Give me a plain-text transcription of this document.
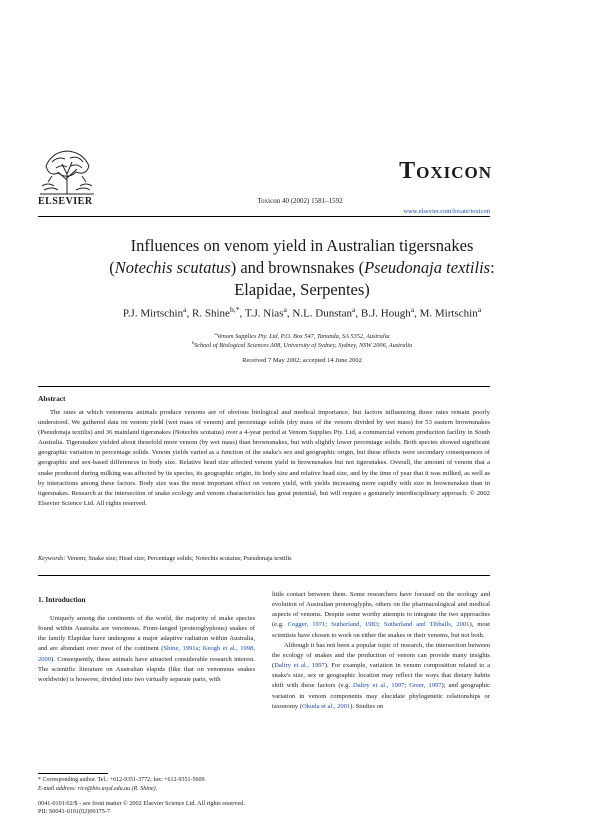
ELSEVIER	Toxicon 40 (2002) 1581–1592
Toxicon
www.elsevier.com/locate/toxicon
Influences on venom yield in Australian tigersnakes
(Notechis scutatus) and brownsnakes (Pseudonaja textilis:
Elapidae, Serpentes)
P.J. Mirtschin$^a$, R. Shine$^{b,*}$, T.J. Nias$^a$, N.L. Dunstan$^a$, B.J. Hough$^a$, M. Mirtschin$^a$
$^a$Venom Supplies Pty. Ltd, P.O. Box 547, Tanunda, SA 5352, Australia
$^b$School of Biological Sciences A08, University of Sydney, Sydney, NSW 2006, Australia
Received 7 May 2002; accepted 14 June 2002
Abstract
The rates at which venomous animals produce venoms are of obvious biological and medical importance, but factors influencing those rates remain poorly understood. We gathered data on venom yield (wet mass of venom) and percentage solids (dry mass of the venom divided by wet mass) for 53 eastern brownsnakes (Pseudonaja textilis) and 36 mainland tigersnakes (Notechis scutatus) over a 4-year period at Venom Supplies Pty. Ltd, a commercial venom production facility in South Australia. Tigersnakes yielded about threefold more venom (by wet mass) than brownsnakes, but with slightly lower percentage solids. Both species showed significant geographic variation in percentage solids. Venom yields varied as a function of the snake's sex and geographic origin, but these effects were secondary consequences of geographic and sex-based differences in body size. Relative head size affected venom yield in brownsnakes but not tigersnakes. Overall, the amount of venom that a snake produced during milking was affected by its species, its geographic origin, its body size and relative head size, and by the time of year that it was milked, as well as by interactions among these factors. Body size was the most important effect on venom yield, with yields increasing more rapidly with size in brownsnakes than in tigersnakes. Research at the intersection of snake ecology and venom characteristics has great potential, but will require a genuinely interdisciplinary approach. © 2002 Elsevier Science Ltd. All rights reserved.
Keywords: Venom; Snake size; Head size; Percentage solids; Notechis scutatus; Pseudonaja textilis
1. Introduction

Uniquely among the continents of the world, the majority of snake species found within Australia are venomous. Front-fanged (proteroglyphous) snakes of the family Elapidae have undergone a major adaptive radiation within Australia, and are abundant over most of the continent (Shine, 1991a; Keogh et al., 1998, 2000). Consequently, these animals have attracted considerable research interest. The scientific literature on Australian elapids (like that on venomous snakes worldwide) is however, divided into two virtually separate parts, with

little contact between them. Some researchers have focused on the ecology and evolution of Australian proteroglyphs, others on the pharmacological and medical aspects of venoms. Despite some worthy attempts to integrate the two approaches (e.g. Cogger, 1971; Sutherland, 1983; Sutherland and Tibballs, 2001), most scientists have chosen to work on either the snakes or their venoms, but not both.

Although it has not been a popular topic of research, the intersection between the ecology of snakes and the production of venom can provide many insights (Daltry et al., 1997). For example, variation in venom composition related to a snake's size, sex or geographic location may reflect the ways that dietary habits shift with these factors (e.g. Daltry et al., 1997; Greer, 1997); and geographic variation in venom components may elucidate phylogenetic relationships or taxonomy (Okuda et al., 2001). Studies on

* Corresponding author. Tel.: +612-9351-3772; fax: +612-9351-5609.
E-mail address: rics@bio.usyd.edu.au (R. Shine).
0041-0101/02/$ - see front matter © 2002 Elsevier Science Ltd. All rights reserved.
PII: S0041-0101(02)00175-7
